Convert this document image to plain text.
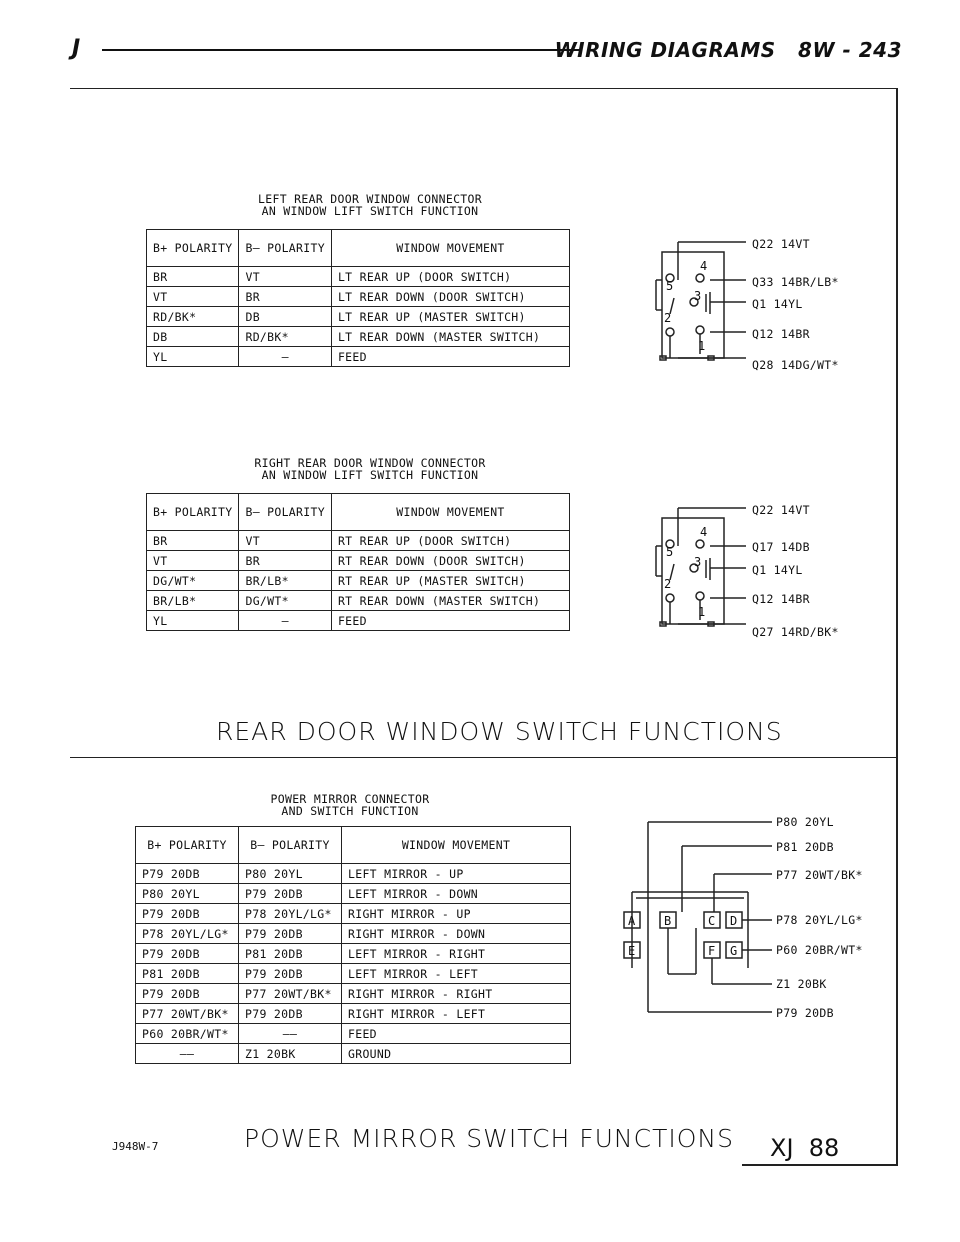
J	WIRING DIAGRAMS   8W - 243
LEFT REAR DOOR WINDOW CONNECTOR
AN WINDOW LIFT SWITCH FUNCTION
B+ POLARITY	B— POLARITY	WINDOW MOVEMENT
BR	VT	LT REAR UP (DOOR SWITCH)
VT	BR	LT REAR DOWN (DOOR SWITCH)
RD/BK*	DB	LT REAR UP (MASTER SWITCH)
DB	RD/BK*	LT REAR DOWN (MASTER SWITCH)
YL	—	FEED
4
5
3
2
1
Q22 14VT
Q33 14BR/LB*
Q1 14YL
Q12 14BR
Q28 14DG/WT*
RIGHT REAR DOOR WINDOW CONNECTOR
AN WINDOW LIFT SWITCH FUNCTION
B+ POLARITY	B— POLARITY	WINDOW MOVEMENT
BR	VT	RT REAR UP (DOOR SWITCH)
VT	BR	RT REAR DOWN (DOOR SWITCH)
DG/WT*	BR/LB*	RT REAR UP (MASTER SWITCH)
BR/LB*	DG/WT*	RT REAR DOWN (MASTER SWITCH)
YL	—	FEED
4
5
3
2
1
Q22 14VT
Q17 14DB
Q1 14YL
Q12 14BR
Q27 14RD/BK*
REAR DOOR WINDOW SWITCH FUNCTIONS
POWER MIRROR CONNECTOR
AND SWITCH FUNCTION
B+ POLARITY	B— POLARITY	WINDOW MOVEMENT
P79 20DB	P80 20YL	LEFT MIRROR - UP
P80 20YL	P79 20DB	LEFT MIRROR - DOWN
P79 20DB	P78 20YL/LG*	RIGHT MIRROR - UP
P78 20YL/LG*	P79 20DB	RIGHT MIRROR - DOWN
P79 20DB	P81 20DB	LEFT MIRROR - RIGHT
P81 20DB	P79 20DB	LEFT MIRROR - LEFT
P79 20DB	P77 20WT/BK*	RIGHT MIRROR - RIGHT
P77 20WT/BK*	P79 20DB	RIGHT MIRROR - LEFT
P60 20BR/WT*	——	FEED
——	Z1 20BK	GROUND
A B	C D
E	F G
P80 20YL
P81 20DB
P77 20WT/BK*
P78 20YL/LG*
P60 20BR/WT*
Z1 20BK
P79 20DB
POWER MIRROR SWITCH FUNCTIONS
J948W-7	XJ  88
